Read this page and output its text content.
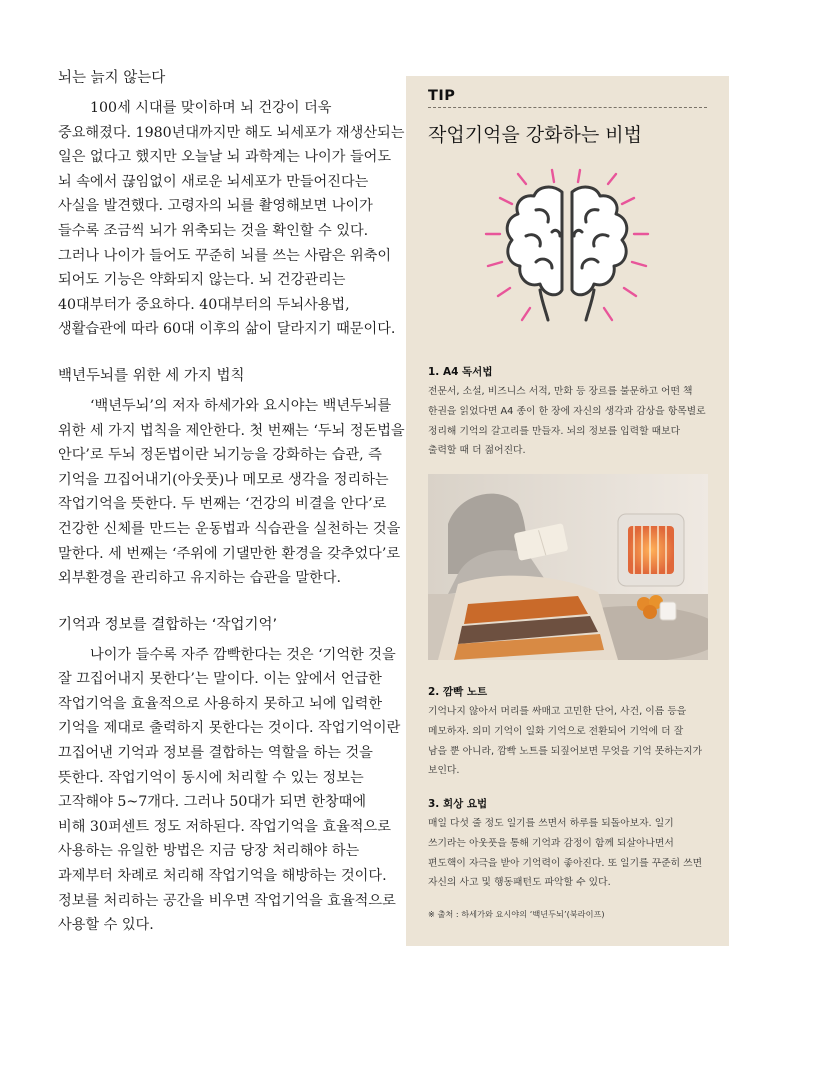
뇌는 늙지 않는다
100세 시대를 맞이하며 뇌 건강이 더욱
중요해졌다. 1980년대까지만 해도 뇌세포가 재생산되는
일은 없다고 했지만 오늘날 뇌 과학계는 나이가 들어도
뇌 속에서 끊임없이 새로운 뇌세포가 만들어진다는
사실을 발견했다. 고령자의 뇌를 촬영해보면 나이가
들수록 조금씩 뇌가 위축되는 것을 확인할 수 있다.
그러나 나이가 들어도 꾸준히 뇌를 쓰는 사람은 위축이
되어도 기능은 약화되지 않는다. 뇌 건강관리는
40대부터가 중요하다. 40대부터의 두뇌사용법,
생활습관에 따라 60대 이후의 삶이 달라지기 때문이다.
백년두뇌를 위한 세 가지 법칙
‘백년두뇌’의 저자 하세가와 요시야는 백년두뇌를
위한 세 가지 법칙을 제안한다. 첫 번째는 ‘두뇌 정돈법을
안다’로 두뇌 정돈법이란 뇌기능을 강화하는 습관, 즉
기억을 끄집어내기(아웃풋)나 메모로 생각을 정리하는
작업기억을 뜻한다. 두 번째는 ‘건강의 비결을 안다’로
건강한 신체를 만드는 운동법과 식습관을 실천하는 것을
말한다. 세 번째는 ‘주위에 기댈만한 환경을 갖추었다’로
외부환경을 관리하고 유지하는 습관을 말한다.
기억과 정보를 결합하는 ‘작업기억’
나이가 들수록 자주 깜빡한다는 것은 ‘기억한 것을
잘 끄집어내지 못한다’는 말이다. 이는 앞에서 언급한
작업기억을 효율적으로 사용하지 못하고 뇌에 입력한
기억을 제대로 출력하지 못한다는 것이다. 작업기억이란
끄집어낸 기억과 정보를 결합하는 역할을 하는 것을
뜻한다. 작업기억이 동시에 처리할 수 있는 정보는
고작해야 5~7개다. 그러나 50대가 되면 한창때에
비해 30퍼센트 정도 저하된다. 작업기억을 효율적으로
사용하는 유일한 방법은 지금 당장 처리해야 하는
과제부터 차례로 처리해 작업기억을 해방하는 것이다.
정보를 처리하는 공간을 비우면 작업기억을 효율적으로
사용할 수 있다.
TIP
작업기억을 강화하는 비법
1. A4 독서법
전문서, 소설, 비즈니스 서적, 만화 등 장르를 불문하고 어떤 책
한권을 읽었다면 A4 종이 한 장에 자신의 생각과 감상을 항목별로
정리해 기억의 갈고리를 만들자. 뇌의 정보를 입력할 때보다
출력할 때 더 젊어진다.
2. 깜빡 노트
기억나지 않아서 머리를 싸매고 고민한 단어, 사건, 이름 등을
메모하자. 의미 기억이 일화 기억으로 전환되어 기억에 더 잘
남을 뿐 아니라, 깜빡 노트를 되짚어보면 무엇을 기억 못하는지가
보인다.
3. 회상 요법
매일 다섯 줄 정도 일기를 쓰면서 하루를 되돌아보자. 일기
쓰기라는 아웃풋을 통해 기억과 감정이 함께 되살아나면서
편도핵이 자극을 받아 기억력이 좋아진다. 또 일기를 꾸준히 쓰면
자신의 사고 및 행동패턴도 파악할 수 있다.
※ 출처 : 하세가와 요시야의 ‘백년두뇌’(북라이프)
